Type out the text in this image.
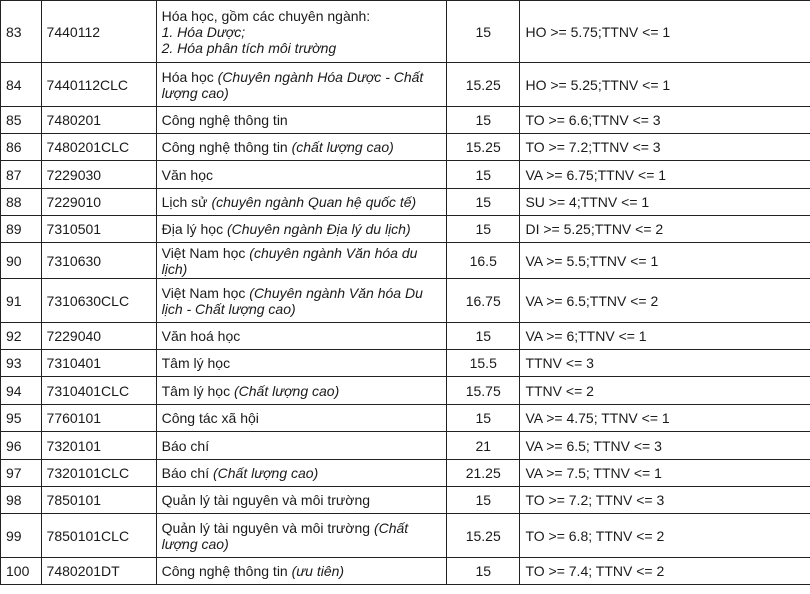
83	7440112	Hóa học, gồm các chuyên ngành:
1. Hóa Dược;
2. Hóa phân tích môi trường	15	HO >= 5.75;TTNV <= 1
84	7440112CLC	Hóa học (Chuyên ngành Hóa Dược - Chất lượng cao)	15.25	HO >= 5.25;TTNV <= 1
85	7480201	Công nghệ thông tin	15	TO >= 6.6;TTNV <= 3
86	7480201CLC	Công nghệ thông tin (chất lượng cao)	15.25	TO >= 7.2;TTNV <= 3
87	7229030	Văn học	15	VA >= 6.75;TTNV <= 1
88	7229010	Lịch sử (chuyên ngành Quan hệ quốc tế)	15	SU >= 4;TTNV <= 1
89	7310501	Địa lý học (Chuyên ngành Địa lý du lịch)	15	DI >= 5.25;TTNV <= 2
90	7310630	Việt Nam học (chuyên ngành Văn hóa du lịch)	16.5	VA >= 5.5;TTNV <= 1
91	7310630CLC	Việt Nam học (Chuyên ngành Văn hóa Du lịch - Chất lượng cao)	16.75	VA >= 6.5;TTNV <= 2
92	7229040	Văn hoá học	15	VA >= 6;TTNV <= 1
93	7310401	Tâm lý học	15.5	TTNV <= 3
94	7310401CLC	Tâm lý học (Chất lượng cao)	15.75	TTNV <= 2
95	7760101	Công tác xã hội	15	VA >= 4.75; TTNV <= 1
96	7320101	Báo chí	21	VA >= 6.5; TTNV <= 3
97	7320101CLC	Báo chí (Chất lượng cao)	21.25	VA >= 7.5; TTNV <= 1
98	7850101	Quản lý tài nguyên và môi trường	15	TO >= 7.2; TTNV <= 3
99	7850101CLC	Quản lý tài nguyên và môi trường (Chất lượng cao)	15.25	TO >= 6.8; TTNV <= 2
100	7480201DT	Công nghệ thông tin (ưu tiên)	15	TO >= 7.4; TTNV <= 2
